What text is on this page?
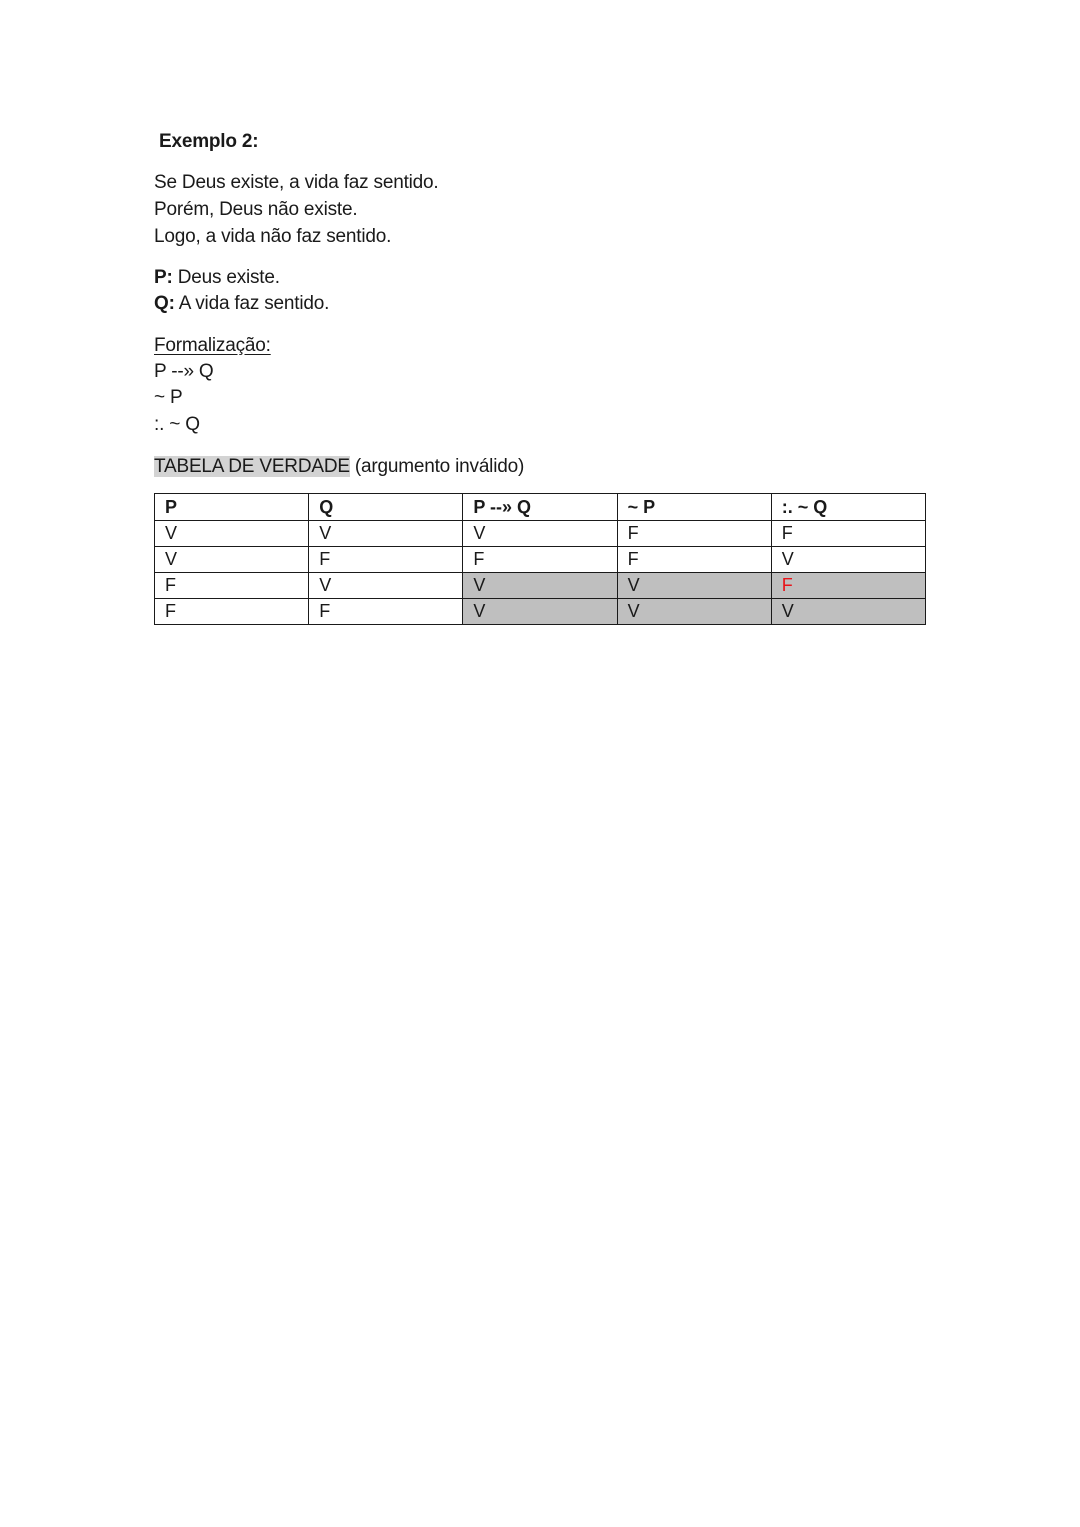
Exemplo 2:
Se Deus existe, a vida faz sentido.
Porém, Deus não existe.
Logo, a vida não faz sentido.
P: Deus existe.
Q: A vida faz sentido.
Formalização:
P --» Q
~ P
:. ~ Q
TABELA DE VERDADE (argumento inválido)
P	Q	P --» Q	~ P	:. ~ Q
V	V	V	F	F
V	F	F	F	V
F	V	V	V	F
F	F	V	V	V
